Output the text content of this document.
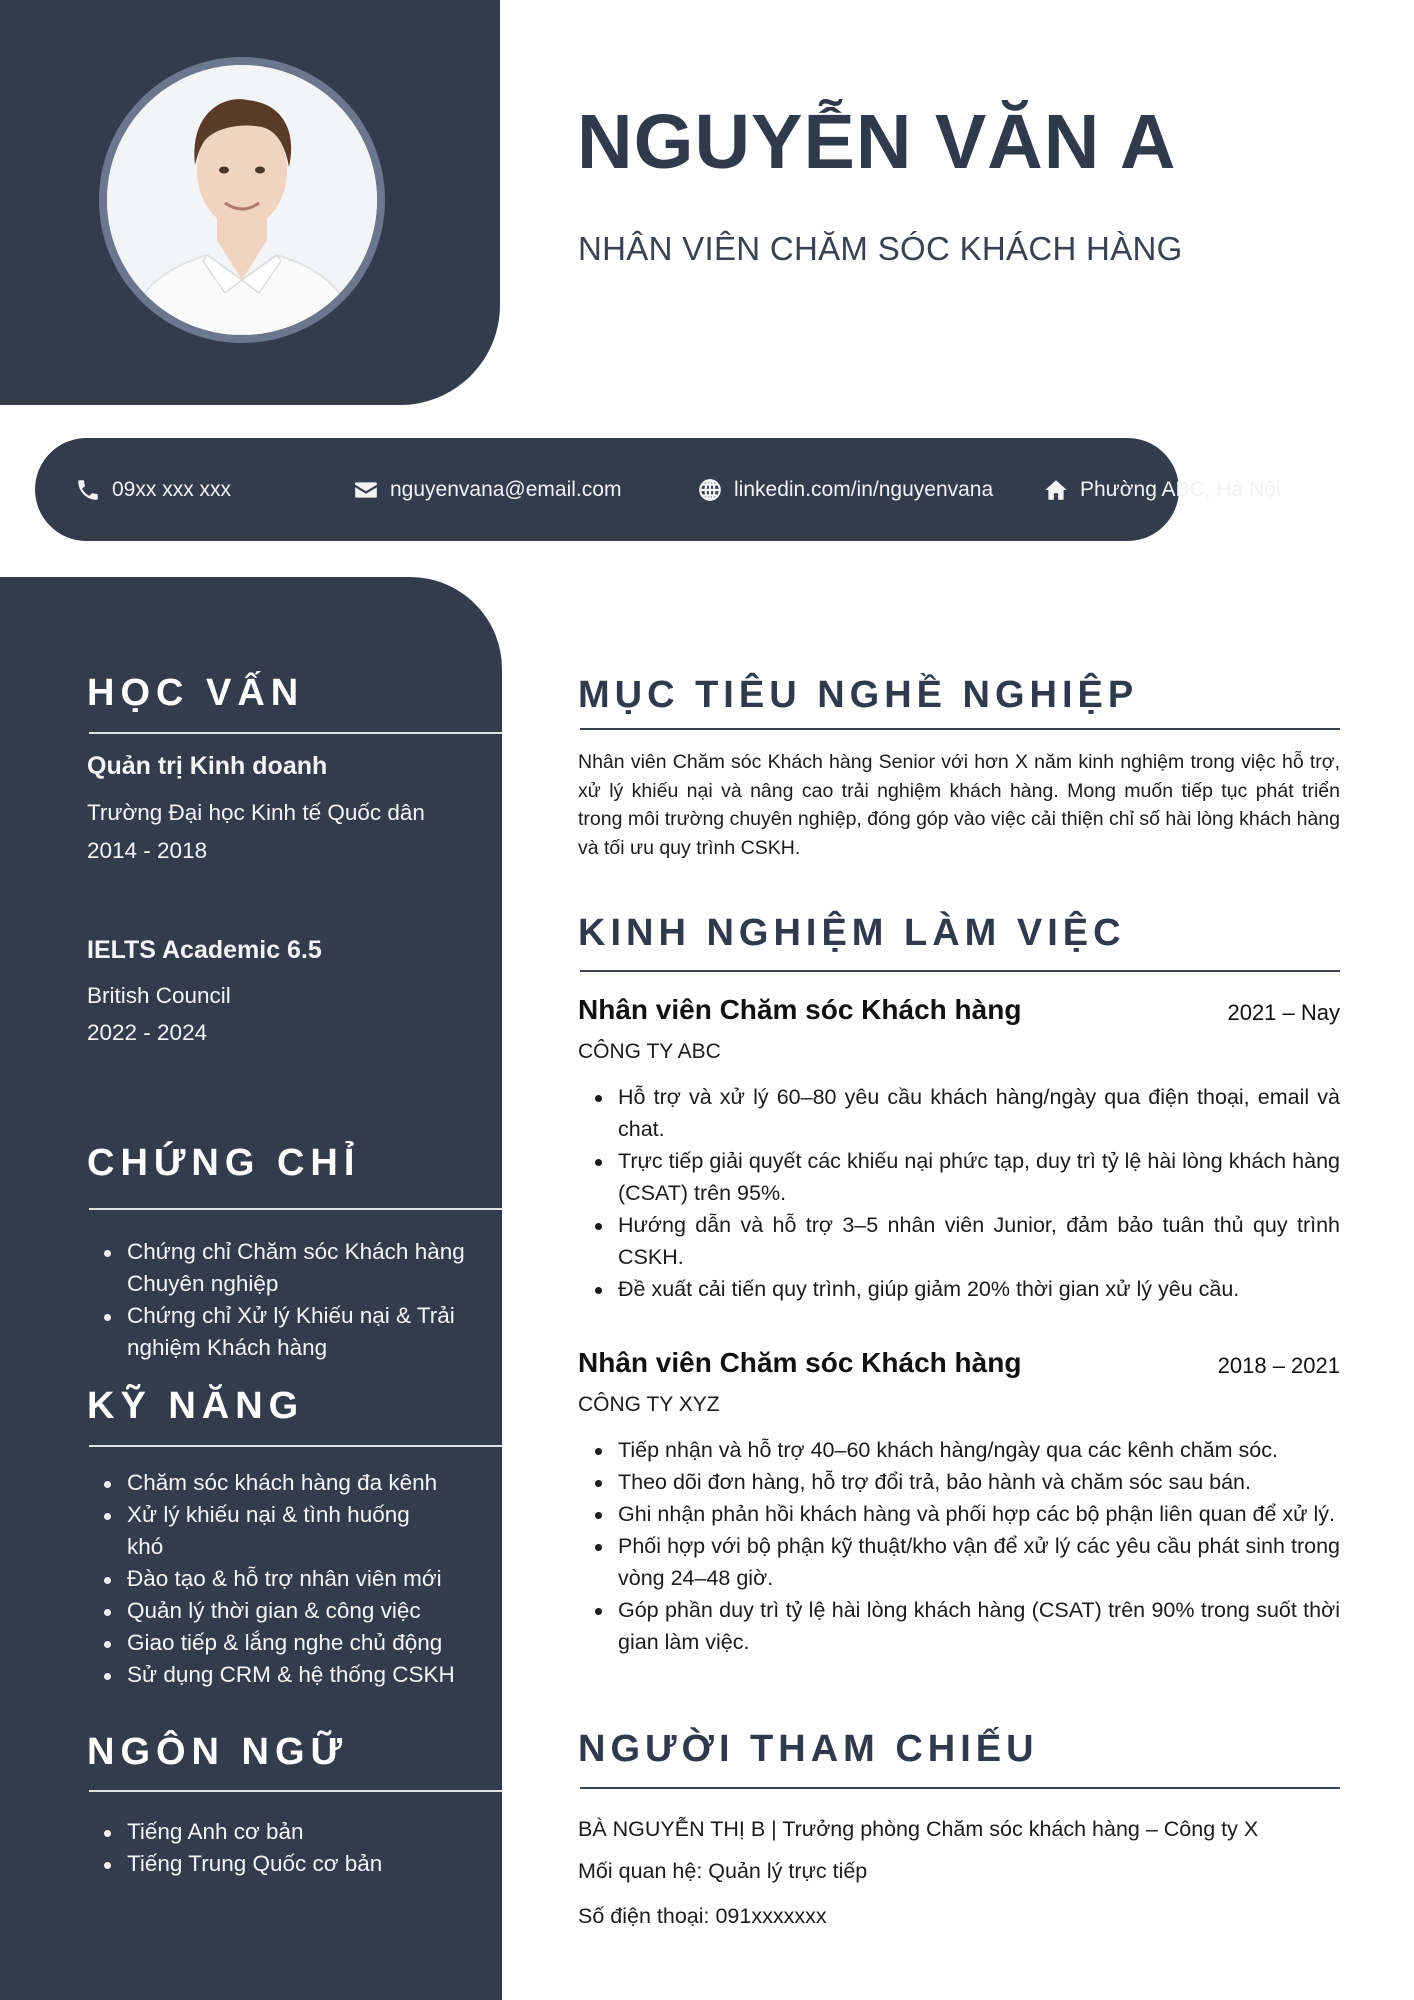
NGUYỄN VĂN A
NHÂN VIÊN CHĂM SÓC KHÁCH HÀNG
09xx xxx xxx	nguyenvana@email.com	linkedin.com/in/nguyenvana	Phường ABC, Hà Nội
HỌC VẤN
Quản trị Kinh doanh
Trường Đại học Kinh tế Quốc dân
2014 - 2018
IELTS Academic 6.5
British Council
2022 - 2024
CHỨNG CHỈ
Chứng chỉ Chăm sóc Khách hàng Chuyên nghiệp
Chứng chỉ Xử lý Khiếu nại & Trải nghiệm Khách hàng
KỸ NĂNG
Chăm sóc khách hàng đa kênh
Xử lý khiếu nại & tình huống khó
Đào tạo & hỗ trợ nhân viên mới
Quản lý thời gian & công việc
Giao tiếp & lắng nghe chủ động
Sử dụng CRM & hệ thống CSKH
NGÔN NGỮ
Tiếng Anh cơ bản
Tiếng Trung Quốc cơ bản
MỤC TIÊU NGHỀ NGHIỆP

Nhân viên Chăm sóc Khách hàng Senior với hơn X năm kinh nghiệm trong việc hỗ trợ, xử lý khiếu nại và nâng cao trải nghiệm khách hàng. Mong muốn tiếp tục phát triển trong môi trường chuyên nghiệp, đóng góp vào việc cải thiện chỉ số hài lòng khách hàng và tối ưu quy trình CSKH.

KINH NGHIỆM LÀM VIỆC
Nhân viên Chăm sóc Khách hàng	2021 – Nay
CÔNG TY ABC
Hỗ trợ và xử lý 60–80 yêu cầu khách hàng/ngày qua điện thoại, email và chat.
Trực tiếp giải quyết các khiếu nại phức tạp, duy trì tỷ lệ hài lòng khách hàng (CSAT) trên 95%.
Hướng dẫn và hỗ trợ 3–5 nhân viên Junior, đảm bảo tuân thủ quy trình CSKH.
Đề xuất cải tiến quy trình, giúp giảm 20% thời gian xử lý yêu cầu.
Nhân viên Chăm sóc Khách hàng	2018 – 2021
CÔNG TY XYZ
Tiếp nhận và hỗ trợ 40–60 khách hàng/ngày qua các kênh chăm sóc.
Theo dõi đơn hàng, hỗ trợ đổi trả, bảo hành và chăm sóc sau bán.
Ghi nhận phản hồi khách hàng và phối hợp các bộ phận liên quan để xử lý.
Phối hợp với bộ phận kỹ thuật/kho vận để xử lý các yêu cầu phát sinh trong vòng 24–48 giờ.
Góp phần duy trì tỷ lệ hài lòng khách hàng (CSAT) trên 90% trong suốt thời gian làm việc.
NGƯỜI THAM CHIẾU
BÀ NGUYỄN THỊ B | Trưởng phòng Chăm sóc khách hàng – Công ty X
Mối quan hệ: Quản lý trực tiếp
Số điện thoại: 091xxxxxxx
